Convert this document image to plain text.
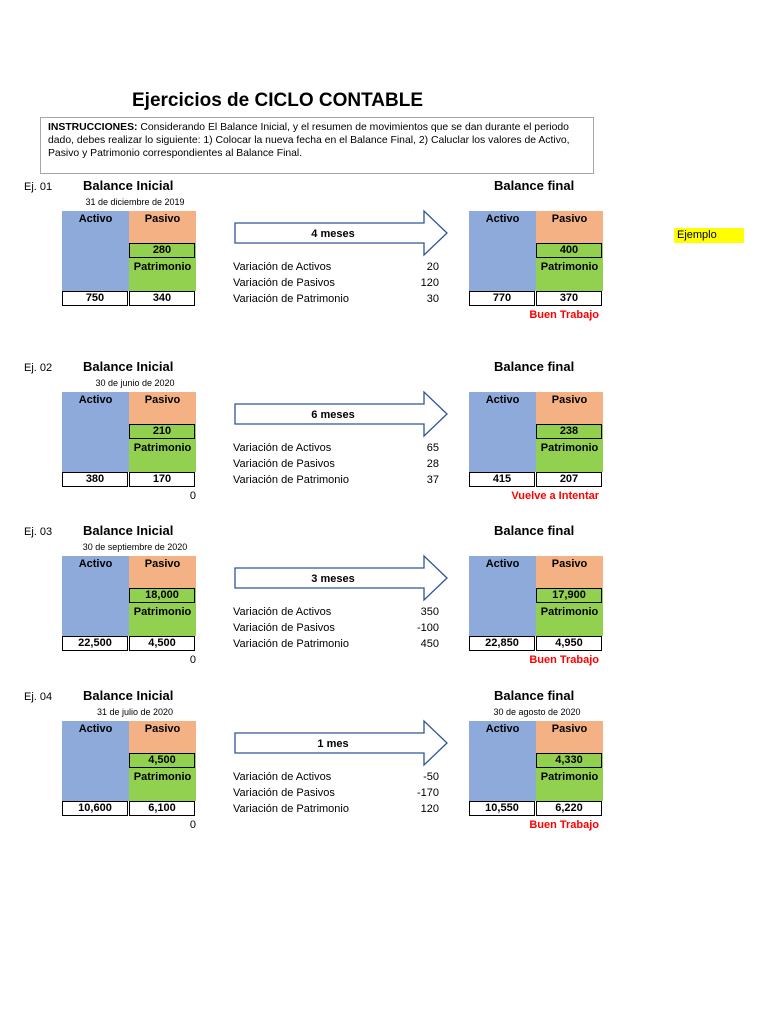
Ejercicios de CICLO CONTABLE
INSTRUCCIONES: Considerando El Balance Inicial, y el resumen de movimientos que se dan durante el periodo dado, debes realizar lo siguiente: 1) Colocar la nueva fecha en el Balance Final, 2) Caluclar los valores de Activo, Pasivo y Patrimonio correspondientes al Balance Final.
Ejemplo
Ej. 01 Balance Inicial	Balance final
31 de diciembre de 2019
Activo	Pasivo
280
Patrimonio
750	340
4 meses
Variación de Activos	20
Variación de Pasivos	120
Variación de Patrimonio	30
Activo	Pasivo
400
Patrimonio
770	370
Buen Trabajo
Ej. 02 Balance Inicial	Balance final
30 de junio de 2020
Activo	Pasivo
210
Patrimonio
380	170
6 meses
Variación de Activos	65
Variación de Pasivos	28
Variación de Patrimonio	37
Activo	Pasivo
238
Patrimonio
415	207
0	Vuelve a Intentar
Ej. 03 Balance Inicial	Balance final
30 de septiembre de 2020
Activo	Pasivo
18,000
Patrimonio
22,500	4,500
3 meses
Variación de Activos	350
Variación de Pasivos	-100
Variación de Patrimonio	450
Activo	Pasivo
17,900
Patrimonio
22,850	4,950
0	Buen Trabajo
Ej. 04 Balance Inicial	Balance final
31 de julio de 2020	30 de agosto de 2020
Activo	Pasivo
4,500
Patrimonio
10,600	6,100
1 mes
Variación de Activos	-50
Variación de Pasivos	-170
Variación de Patrimonio	120
Activo	Pasivo
4,330
Patrimonio
10,550	6,220
0	Buen Trabajo
